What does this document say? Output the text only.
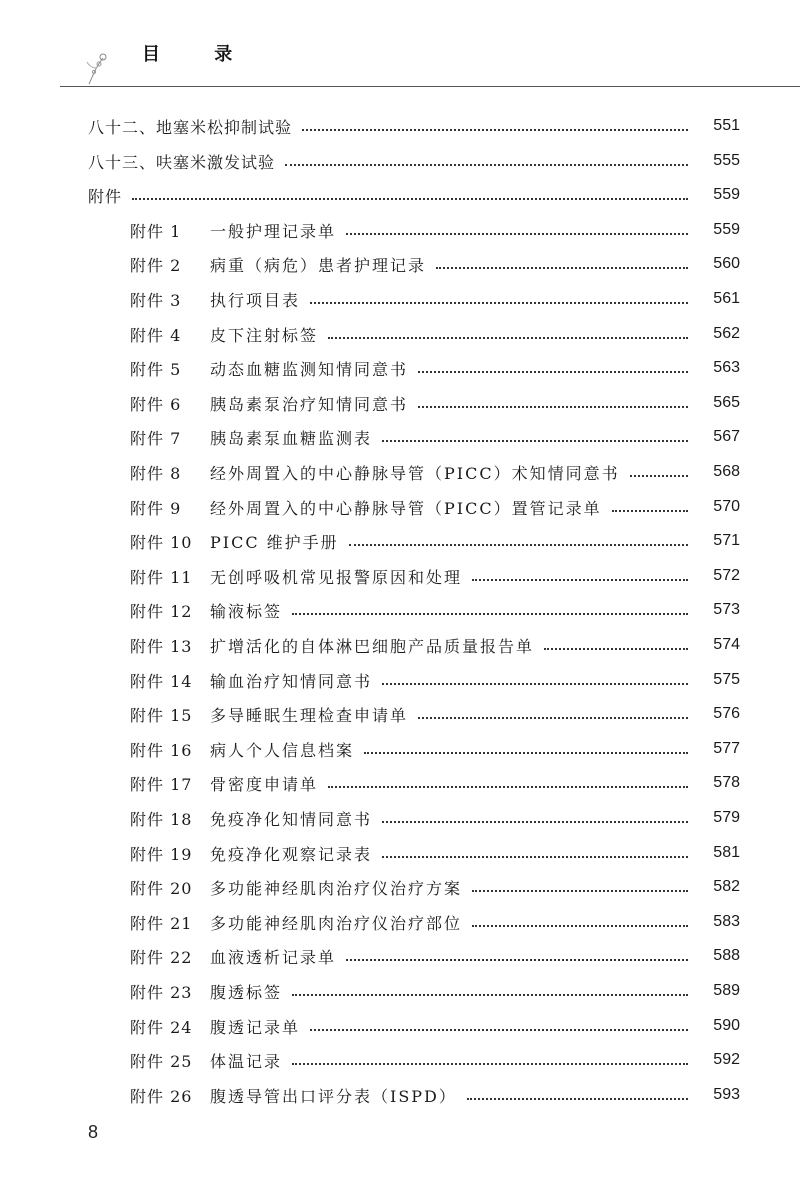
目 录
八十二、地塞米松抑制试验	551
八十三、呋塞米激发试验	555
附件	559
附件 1	一般护理记录单	559
附件 2	病重（病危）患者护理记录	560
附件 3	执行项目表	561
附件 4	皮下注射标签	562
附件 5	动态血糖监测知情同意书	563
附件 6	胰岛素泵治疗知情同意书	565
附件 7	胰岛素泵血糖监测表	567
附件 8	经外周置入的中心静脉导管（PICC）术知情同意书	568
附件 9	经外周置入的中心静脉导管（PICC）置管记录单	570
附件 10	PICC 维护手册	571
附件 11	无创呼吸机常见报警原因和处理	572
附件 12	输液标签	573
附件 13	扩增活化的自体淋巴细胞产品质量报告单	574
附件 14	输血治疗知情同意书	575
附件 15	多导睡眠生理检查申请单	576
附件 16	病人个人信息档案	577
附件 17	骨密度申请单	578
附件 18	免疫净化知情同意书	579
附件 19	免疫净化观察记录表	581
附件 20	多功能神经肌肉治疗仪治疗方案	582
附件 21	多功能神经肌肉治疗仪治疗部位	583
附件 22	血液透析记录单	588
附件 23	腹透标签	589
附件 24	腹透记录单	590
附件 25	体温记录	592
附件 26	腹透导管出口评分表（ISPD）	593
8
